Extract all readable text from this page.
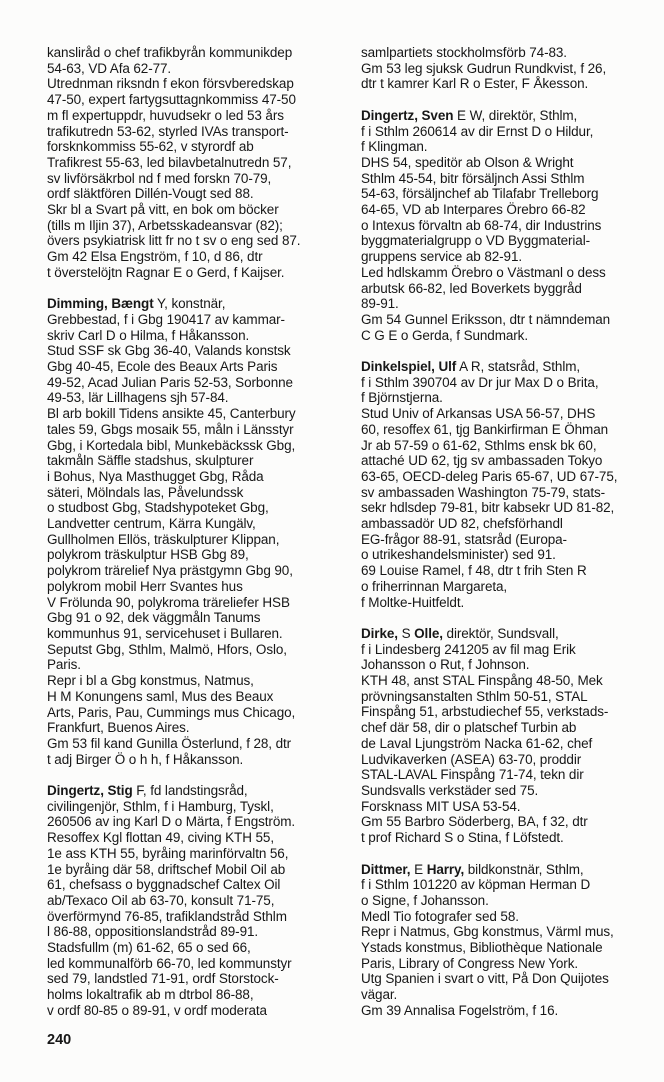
kansliråd o chef trafikbyrån kommunikdep
54-63, VD Afa 62-77.
Utrednman riksndn f ekon försvberedskap
47-50, expert fartygsuttagnkommiss 47-50
m fl expertuppdr, huvudsekr o led 53 års
trafikutredn 53-62, styrled IVAs transport-
forsknkommiss 55-62, v styrordf ab
Trafikrest 55-63, led bilavbetalnutredn 57,
sv livförsäkrbol nd f med forskn 70-79,
ordf släktfören Dillén-Vougt sed 88.
Skr bl a Svart på vitt, en bok om böcker
(tills m Iljin 37), Arbetsskadeansvar (82);
övers psykiatrisk litt fr no t sv o eng sed 87.
Gm 42 Elsa Engström, f 10, d 86, dtr
t överstelöjtn Ragnar E o Gerd, f Kaijser.
Dimming, Bængt Y, konstnär,
Grebbestad, f i Gbg 190417 av kammar-
skriv Carl D o Hilma, f Håkansson.
Stud SSF sk Gbg 36-40, Valands konstsk
Gbg 40-45, Ecole des Beaux Arts Paris
49-52, Acad Julian Paris 52-53, Sorbonne
49-53, lär Lillhagens sjh 57-84.
Bl arb bokill Tidens ansikte 45, Canterbury
tales 59, Gbgs mosaik 55, måln i Länsstyr
Gbg, i Kortedala bibl, Munkebäckssk Gbg,
takmåln Säffle stadshus, skulpturer
i Bohus, Nya Masthugget Gbg, Råda
säteri, Mölndals las, Påvelundssk
o studbost Gbg, Stadshypoteket Gbg,
Landvetter centrum, Kärra Kungälv,
Gullholmen Ellös, träskulpturer Klippan,
polykrom träskulptur HSB Gbg 89,
polykrom trärelief Nya prästgymn Gbg 90,
polykrom mobil Herr Svantes hus
V Frölunda 90, polykroma träreliefer HSB
Gbg 91 o 92, dek väggmåln Tanums
kommunhus 91, servicehuset i Bullaren.
Seputst Gbg, Sthlm, Malmö, Hfors, Oslo,
Paris.
Repr i bl a Gbg konstmus, Natmus,
H M Konungens saml, Mus des Beaux
Arts, Paris, Pau, Cummings mus Chicago,
Frankfurt, Buenos Aires.
Gm 53 fil kand Gunilla Österlund, f 28, dtr
t adj Birger Ö o h h, f Håkansson.
Dingertz, Stig F, fd landstingsråd,
civilingenjör, Sthlm, f i Hamburg, Tyskl,
260506 av ing Karl D o Märta, f Engström.
Resoffex Kgl flottan 49, civing KTH 55,
1e ass KTH 55, byråing marinförvaltn 56,
1e byråing där 58, driftschef Mobil Oil ab
61, chefsass o byggnadschef Caltex Oil
ab/Texaco Oil ab 63-70, konsult 71-75,
överförmynd 76-85, trafiklandstråd Sthlm
l 86-88, oppositionslandstråd 89-91.
Stadsfullm (m) 61-62, 65 o sed 66,
led kommunalförb 66-70, led kommunstyr
sed 79, landstled 71-91, ordf Storstock-
holms lokaltrafik ab m dtrbol 86-88,
v ordf 80-85 o 89-91, v ordf moderata
samlpartiets stockholmsförb 74-83.
Gm 53 leg sjuksk Gudrun Rundkvist, f 26,
dtr t kamrer Karl R o Ester, F Åkesson.
Dingertz, Sven E W, direktör, Sthlm,
f i Sthlm 260614 av dir Ernst D o Hildur,
f Klingman.
DHS 54, speditör ab Olson & Wright
Sthlm 45-54, bitr försäljnch Assi Sthlm
54-63, försäljnchef ab Tilafabr Trelleborg
64-65, VD ab Interpares Örebro 66-82
o Intexus förvaltn ab 68-74, dir Industrins
byggmaterialgrupp o VD Byggmaterial-
gruppens service ab 82-91.
Led hdlskamm Örebro o Västmanl o dess
arbutsk 66-82, led Boverkets byggråd
89-91.
Gm 54 Gunnel Eriksson, dtr t nämndeman
C G E o Gerda, f Sundmark.
Dinkelspiel, Ulf A R, statsråd, Sthlm,
f i Sthlm 390704 av Dr jur Max D o Brita,
f Björnstjerna.
Stud Univ of Arkansas USA 56-57, DHS
60, resoffex 61, tjg Bankirfirman E Öhman
Jr ab 57-59 o 61-62, Sthlms ensk bk 60,
attaché UD 62, tjg sv ambassaden Tokyo
63-65, OECD-deleg Paris 65-67, UD 67-75,
sv ambassaden Washington 75-79, stats-
sekr hdlsdep 79-81, bitr kabsekr UD 81-82,
ambassadör UD 82, chefsförhandl
EG-frågor 88-91, statsråd (Europa-
o utrikeshandelsminister) sed 91.
69 Louise Ramel, f 48, dtr t frih Sten R
o friherrinnan Margareta,
f Moltke-Huitfeldt.
Dirke, S Olle, direktör, Sundsvall,
f i Lindesberg 241205 av fil mag Erik
Johansson o Rut, f Johnson.
KTH 48, anst STAL Finspång 48-50, Mek
prövningsanstalten Sthlm 50-51, STAL
Finspång 51, arbstudiechef 55, verkstads-
chef där 58, dir o platschef Turbin ab
de Laval Ljungström Nacka 61-62, chef
Ludvikaverken (ASEA) 63-70, proddir
STAL-LAVAL Finspång 71-74, tekn dir
Sundsvalls verkstäder sed 75.
Forsknass MIT USA 53-54.
Gm 55 Barbro Söderberg, BA, f 32, dtr
t prof Richard S o Stina, f Löfstedt.
Dittmer, E Harry, bildkonstnär, Sthlm,
f i Sthlm 101220 av köpman Herman D
o Signe, f Johansson.
Medl Tio fotografer sed 58.
Repr i Natmus, Gbg konstmus, Värml mus,
Ystads konstmus, Bibliothèque Nationale
Paris, Library of Congress New York.
Utg Spanien i svart o vitt, På Don Quijotes
vägar.
Gm 39 Annalisa Fogelström, f 16.
240
